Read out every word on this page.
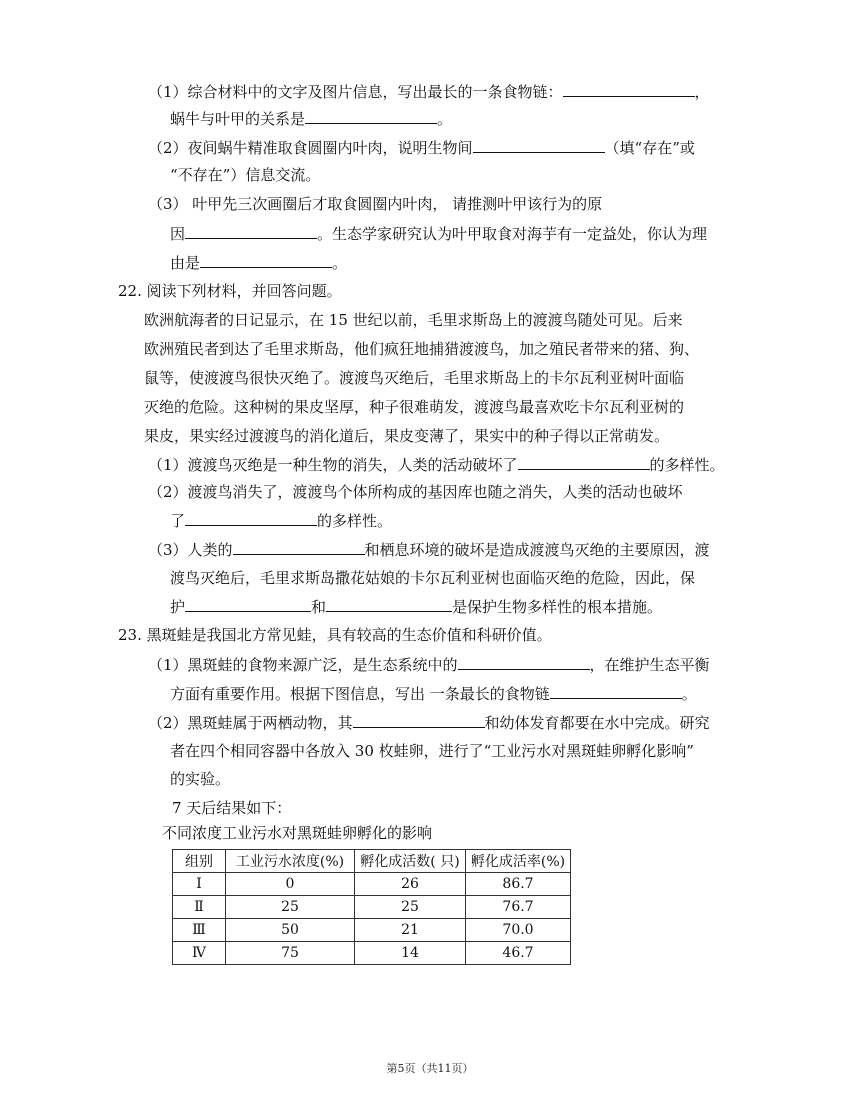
（1）综合材料中的文字及图片信息，写出最长的一条食物链：	，
蜗牛与叶甲的关系是	。
（2）夜间蜗牛精准取食圆圈内叶肉，说明生物间	（填“存在”或
“不存在”）信息交流。
（3） 叶甲先三次画圈后才取食圆圈内叶肉， 请推测叶甲该行为的原
因	。生态学家研究认为叶甲取食对海芋有一定益处，你认为理
由是	。
22. 阅读下列材料，并回答问题。
欧洲航海者的日记显示，在 15 世纪以前，毛里求斯岛上的渡渡鸟随处可见。后来
欧洲殖民者到达了毛里求斯岛，他们疯狂地捕猎渡渡鸟，加之殖民者带来的猪、狗、
鼠等，使渡渡鸟很快灭绝了。渡渡鸟灭绝后，毛里求斯岛上的卡尔瓦利亚树叶面临
灭绝的危险。这种树的果皮坚厚，种子很难萌发，渡渡鸟最喜欢吃卡尔瓦利亚树的
果皮，果实经过渡渡鸟的消化道后，果皮变薄了，果实中的种子得以正常萌发。
（1）渡渡鸟灭绝是一种生物的消失，人类的活动破坏了	的多样性。
（2）渡渡鸟消失了，渡渡鸟个体所构成的基因库也随之消失，人类的活动也破坏
了	的多样性。
（3）人类的	和栖息环境的破坏是造成渡渡鸟灭绝的主要原因，渡
渡鸟灭绝后，毛里求斯岛撒花姑娘的卡尔瓦利亚树也面临灭绝的危险，因此，保
护	和	是保护生物多样性的根本措施。
23. 黑斑蛙是我国北方常见蛙，具有较高的生态价值和科研价值。
（1）黑斑蛙的食物来源广泛，是生态系统中的	，在维护生态平衡
方面有重要作用。根据下图信息，写出 一条最长的食物链	。
（2）黑斑蛙属于两栖动物，其	和幼体发育都要在水中完成。研究
者在四个相同容器中各放入 30 枚蛙卵，进行了“工业污水对黑斑蛙卵孵化影响”
的实验。
7 天后结果如下：
不同浓度工业污水对黑斑蛙卵孵化的影响
组别	工业污水浓度(%)	孵化成活数( 只)	孵化成活率(%)
Ⅰ	0	26	86.7
Ⅱ	25	25	76.7
Ⅲ	50	21	70.0
Ⅳ	75	14	46.7
第5页（共11页）
